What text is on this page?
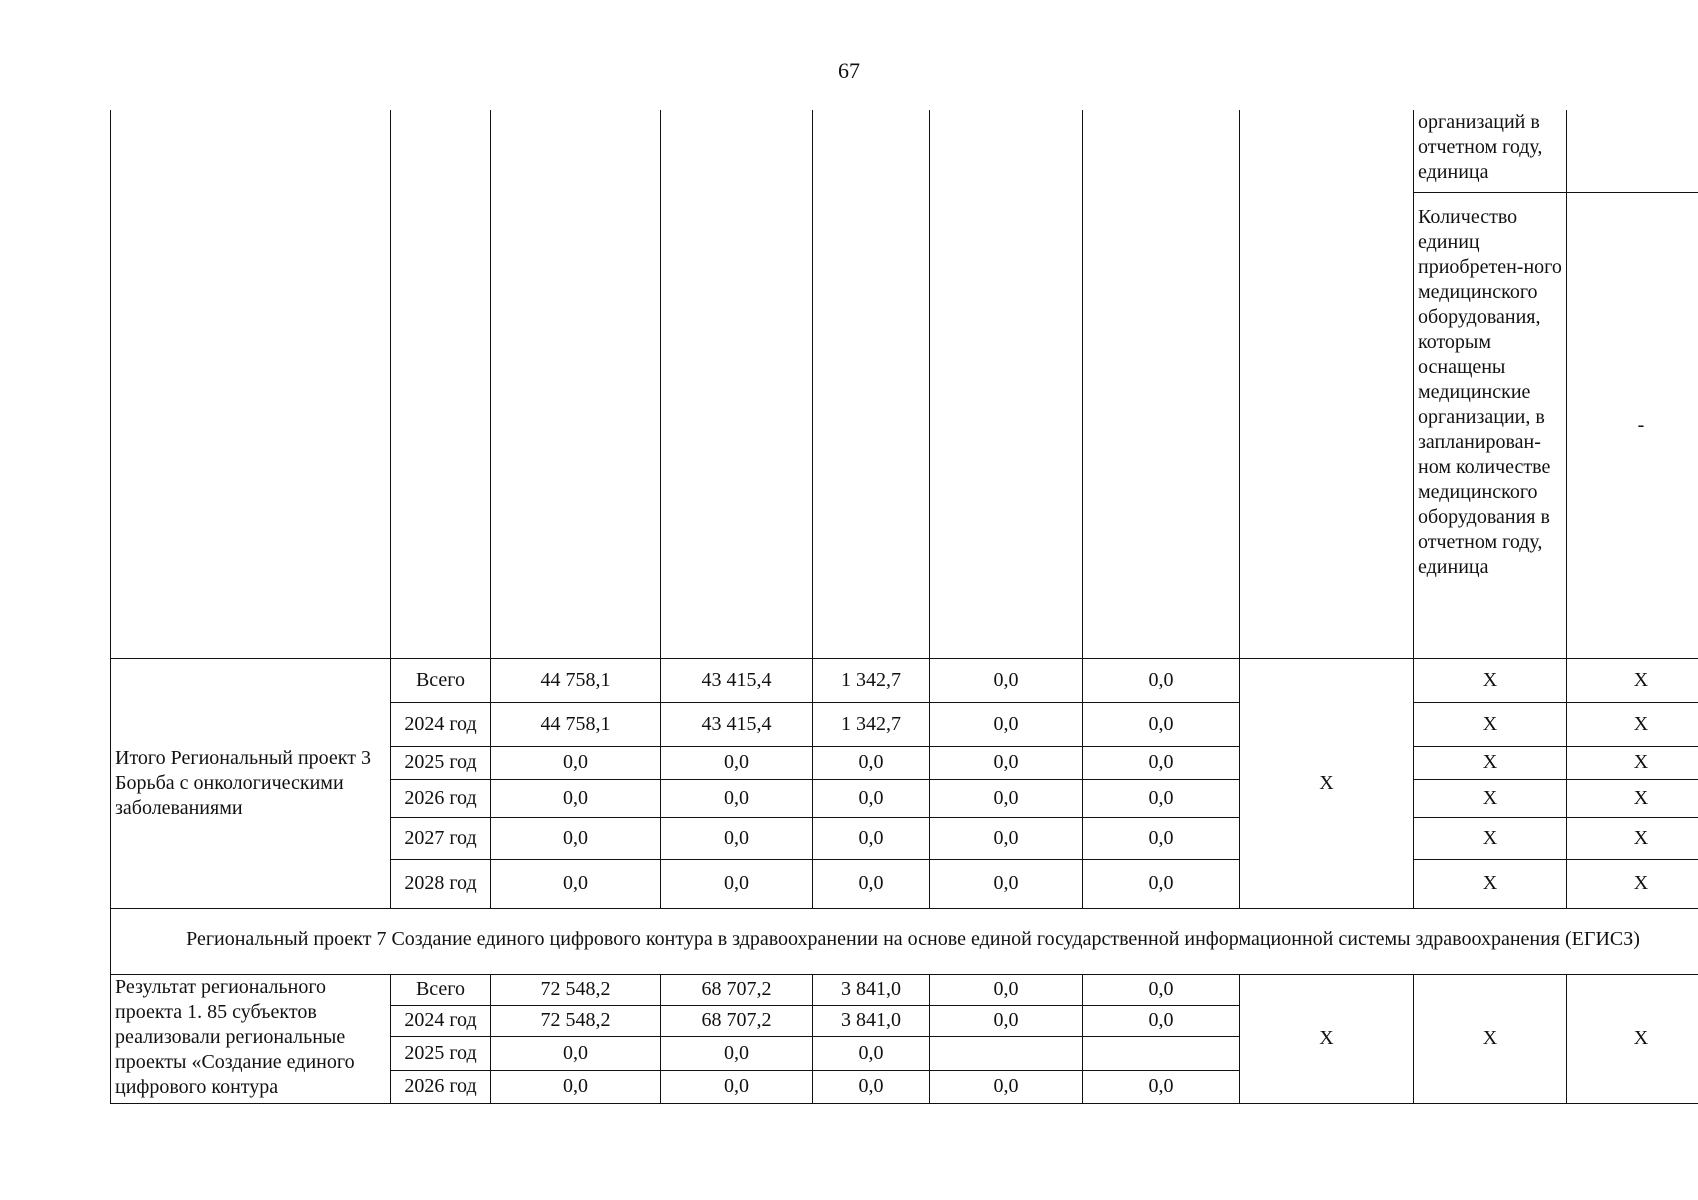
67
								организаций в отчетном году, единица	
								Количество единиц приобретен-ного медицинского оборудования, которым оснащены медицинские организации, в запланирован-ном количестве медицинского оборудования в отчетном году, единица	-
Итого Региональный проект 3 Борьба с онкологическими заболеваниями	Всего	44 758,1	43 415,4	1 342,7	0,0	0,0	Х	Х	Х
	2024 год	44 758,1	43 415,4	1 342,7	0,0	0,0		Х	Х
	2025 год	0,0	0,0	0,0	0,0	0,0		Х	Х
	2026 год	0,0	0,0	0,0	0,0	0,0		Х	Х
	2027 год	0,0	0,0	0,0	0,0	0,0		Х	Х
	2028 год	0,0	0,0	0,0	0,0	0,0		Х	Х
Региональный проект 7 Создание единого цифрового контура в здравоохранении на основе единой государственной информационной системы здравоохранения (ЕГИСЗ)									
Результат регионального проекта 1. 85 субъектов реализовали региональные проекты «Создание единого цифрового контура	Всего	72 548,2	68 707,2	3 841,0	0,0	0,0	Х	Х	Х
	2024 год	72 548,2	68 707,2	3 841,0	0,0	0,0			
	2025 год	0,0	0,0	0,0					
	2026 год	0,0	0,0	0,0	0,0	0,0			
